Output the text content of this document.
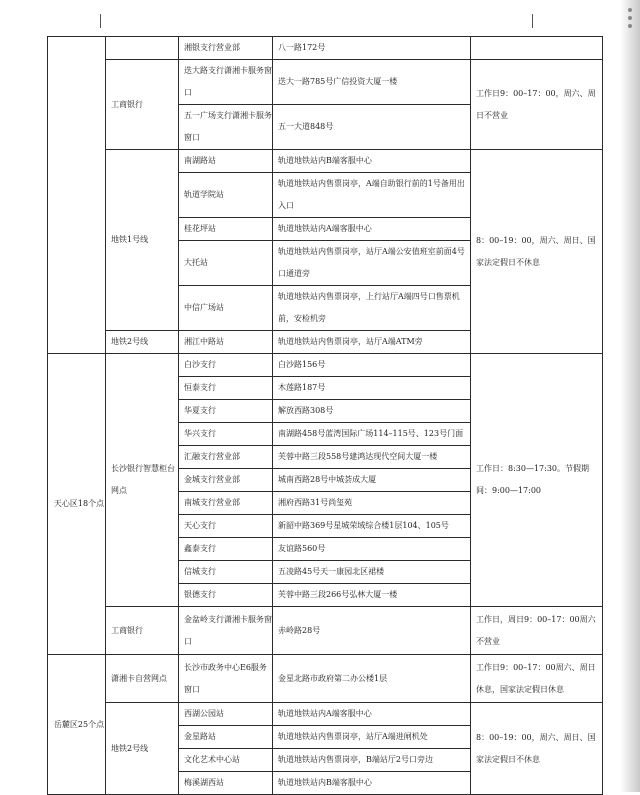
		湘银支行营业部	八一路172号	
	工商银行	迭大路支行潇湘卡服务窗口	迭大一路785号广信投资大厦一楼	工作日9：00–17：00，周六、周日不营业
		五一广场支行潇湘卡服务窗口	五一大道848号	
	地铁1号线	南湖路站	轨道地铁站内B端客服中心	8：00–19：00，周六、周日、国家法定假日不休息
		轨道学院站	轨道地铁站内售票岗亭，A端自助银行前的1号备用出入口	
		桂花坪站	轨道地铁站内A端客服中心	
		大托站	轨道地铁站内售票岗亭，站厅A端公安值班室前面4号口通道旁	
		中信广场站	轨道地铁站内售票岗亭，上行站厅A端四号口售票机前，安检机旁	
	地铁2号线	湘江中路站	轨道地铁站内售票岗亭，站厅A端ATM旁	
天心区18个点	长沙银行智慧柜台网点	白沙支行	白沙路156号	工作日：8:30—17:30。节假期间：9:00—17:00
		恒泰支行	木莲路187号	
		华夏支行	解放西路308号	
		华兴支行	南湖路458号蓝湾国际广场114–115号、123号门面	
		汇融支行营业部	芙蓉中路三段558号建鸿达现代空间大厦一楼	
		金城支行营业部	城南西路28号中城荟成大厦	
		南城支行营业部	湘府西路31号尚玺苑	
		天心支行	新韶中路369号星城荣域综合楼1层104、105号	
		鑫泰支行	友谊路560号	
		信城支行	五凌路45号天一康园北区裙楼	
		银德支行	芙蓉中路三段266号弘林大厦一楼	
	工商银行	金盆岭支行潇湘卡服务窗口	赤岭路28号	工作日，周日9：00–17：00周六不营业
岳麓区25个点	潇湘卡自营网点	长沙市政务中心E6服务窗口	金星北路市政府第二办公楼1层	工作日9：00–17：00周六、周日休息，国家法定假日休息
	地铁2号线	西湖公园站	轨道地铁站内A端客服中心	8：00–19：00，周六、周日、国家法定假日不休息
		金星路站	轨道地铁站内售票岗亭，站厅A端进闸机处	
		文化艺术中心站	轨道地铁站内售票岗亭，B端站厅2号口旁边	
		梅溪湖西站	轨道地铁站内B端客服中心	
